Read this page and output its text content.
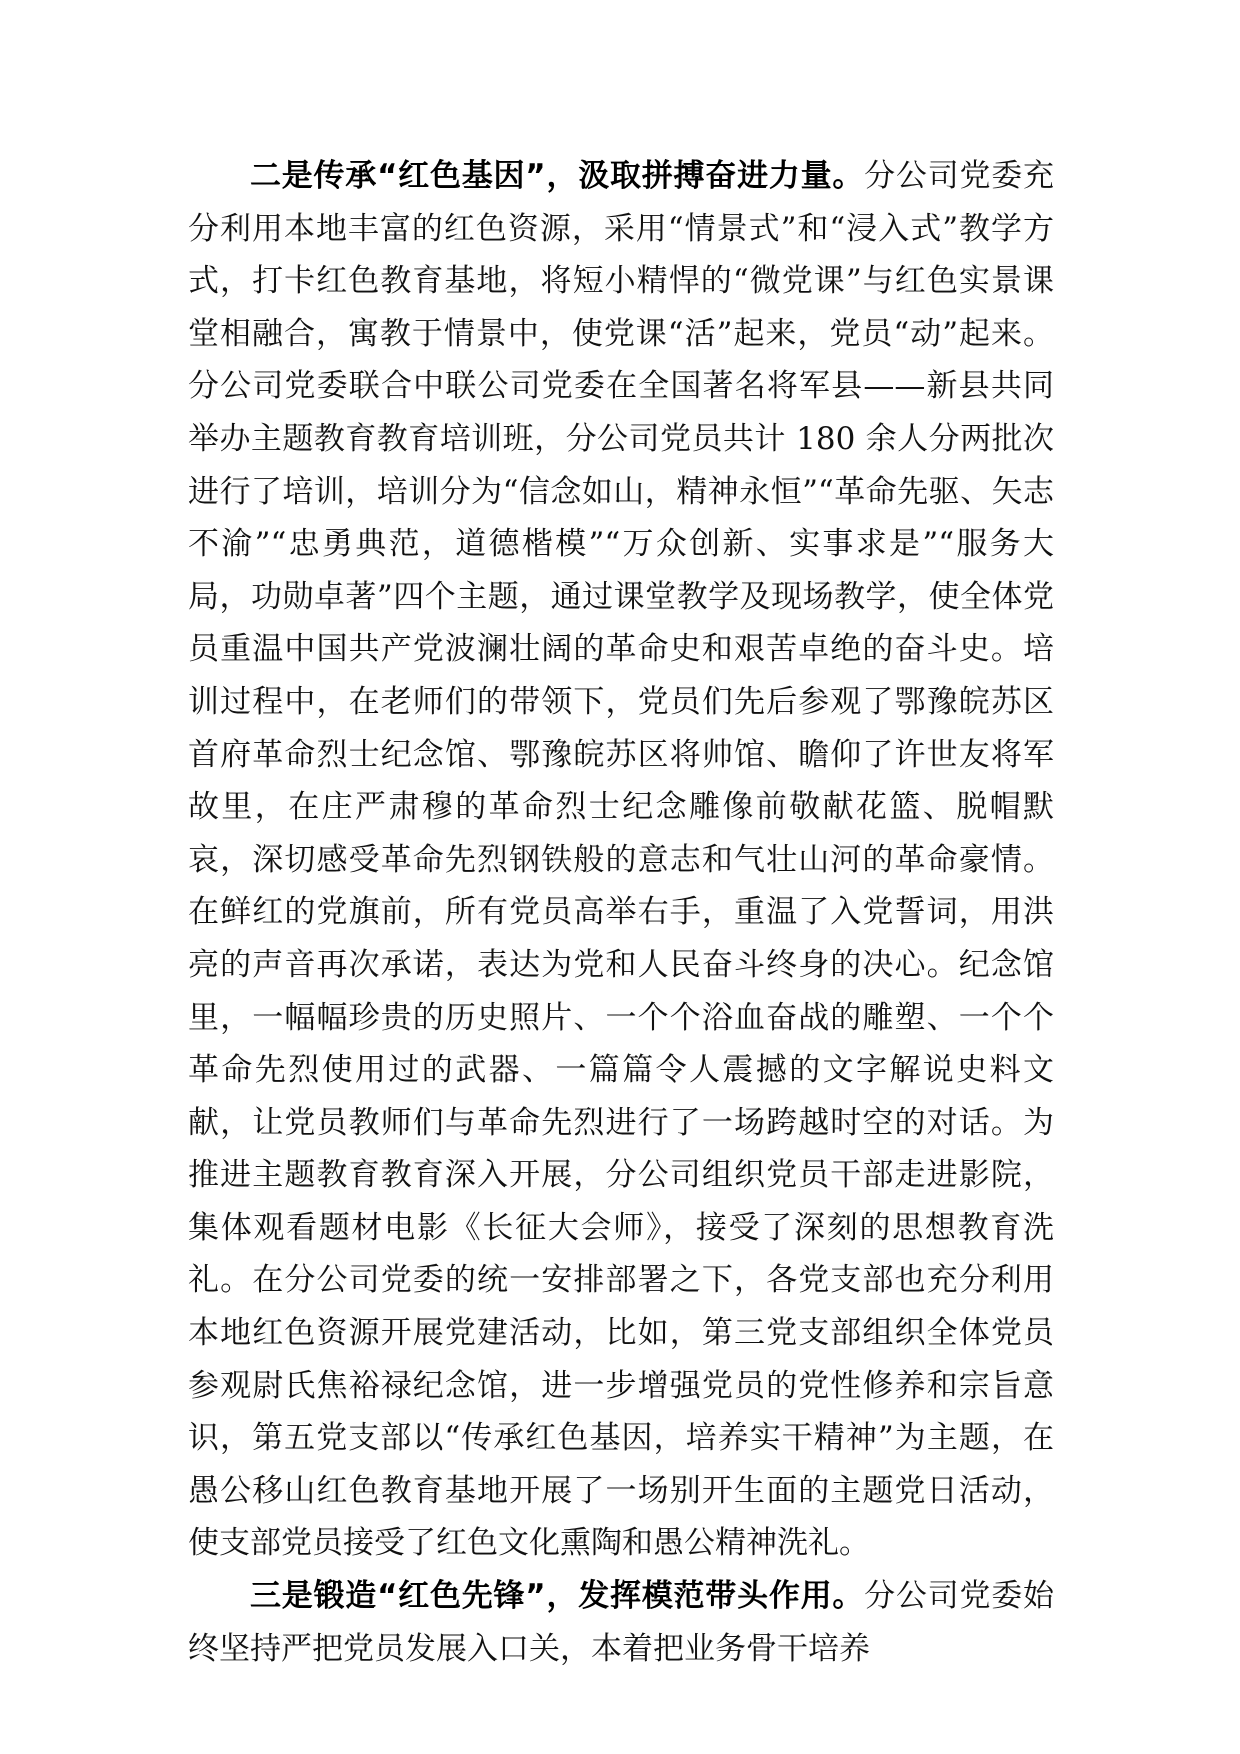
二是传承“红色基因”，汲取拼搏奋进力量。分公司党委充分利用本地丰富的红色资源，采用“情景式”和“浸入式”教学方式，打卡红色教育基地，将短小精悍的“微党课”与红色实景课堂相融合，寓教于情景中，使党课“活”起来，党员“动”起来。分公司党委联合中联公司党委在全国著名将军县——新县共同举办主题教育教育培训班，分公司党员共计 180 余人分两批次进行了培训，培训分为“信念如山，精神永恒”“革命先驱、矢志不渝”“忠勇典范，道德楷模”“万众创新、实事求是”“服务大局，功勋卓著”四个主题，通过课堂教学及现场教学，使全体党员重温中国共产党波澜壮阔的革命史和艰苦卓绝的奋斗史。培训过程中，在老师们的带领下，党员们先后参观了鄂豫皖苏区首府革命烈士纪念馆、鄂豫皖苏区将帅馆、瞻仰了许世友将军故里，在庄严肃穆的革命烈士纪念雕像前敬献花篮、脱帽默哀，深切感受革命先烈钢铁般的意志和气壮山河的革命豪情。在鲜红的党旗前，所有党员高举右手，重温了入党誓词，用洪亮的声音再次承诺，表达为党和人民奋斗终身的决心。纪念馆里，一幅幅珍贵的历史照片、一个个浴血奋战的雕塑、一个个革命先烈使用过的武器、一篇篇令人震撼的文字解说史料文献，让党员教师们与革命先烈进行了一场跨越时空的对话。为推进主题教育教育深入开展，分公司组织党员干部走进影院，集体观看题材电影《长征大会师》，接受了深刻的思想教育洗礼。在分公司党委的统一安排部署之下，各党支部也充分利用本地红色资源开展党建活动，比如，第三党支部组织全体党员参观尉氏焦裕禄纪念馆，进一步增强党员的党性修养和宗旨意识，第五党支部以“传承红色基因，培养实干精神”为主题，在愚公移山红色教育基地开展了一场别开生面的主题党日活动，使支部党员接受了红色文化熏陶和愚公精神洗礼。

三是锻造“红色先锋”，发挥模范带头作用。分公司党委始终坚持严把党员发展入口关，本着把业务骨干培养
